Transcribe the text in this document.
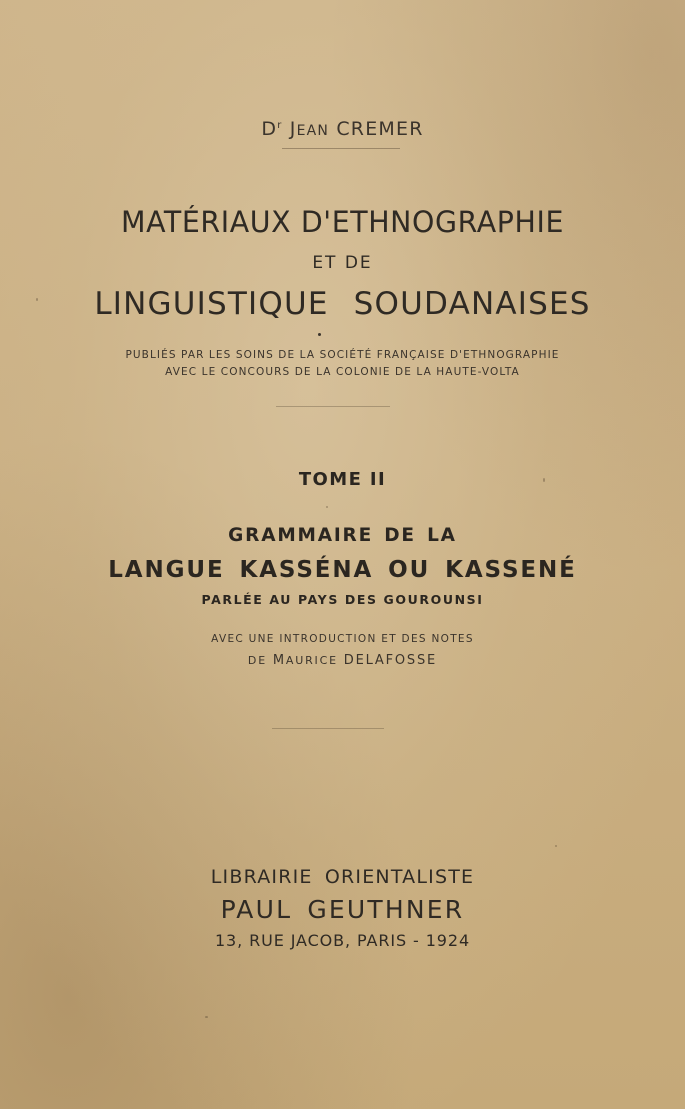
$D^r$ JEAN CREMER
MATÉRIAUX D'ETHNOGRAPHIE
ET DE
LINGUISTIQUE SOUDANAISES
PUBLIÉS PAR LES SOINS DE LA SOCIÉTÉ FRANÇAISE D'ETHNOGRAPHIE
AVEC LE CONCOURS DE LA COLONIE DE LA HAUTE-VOLTA
TOME II
GRAMMAIRE DE LA
LANGUE KASSÉNA OU KASSENÉ
PARLÉE AU PAYS DES GOUROUNSI
AVEC UNE INTRODUCTION ET DES NOTES
DE MAURICE DELAFOSSE
LIBRAIRIE ORIENTALISTE
PAUL GEUTHNER
13, RUE JACOB, PARIS - 1924
